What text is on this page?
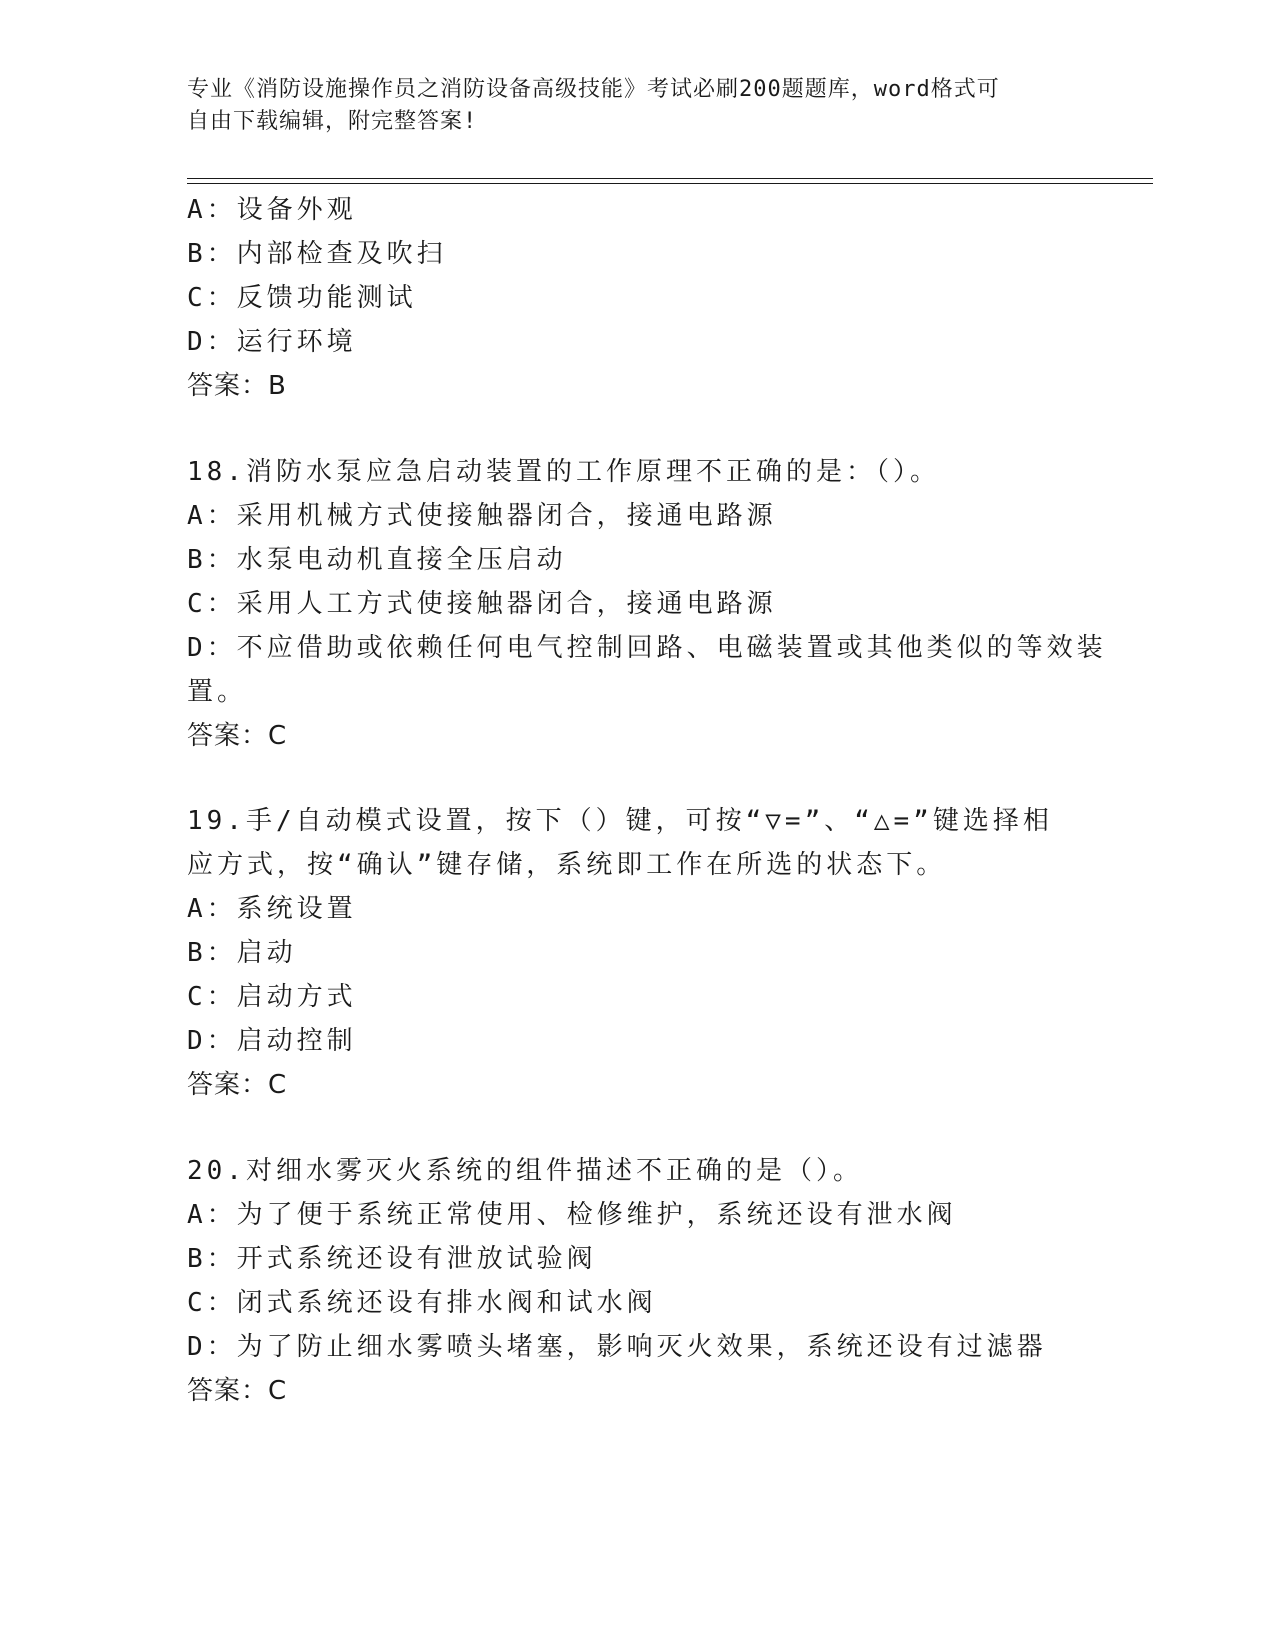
专业《消防设施操作员之消防设备高级技能》考试必刷200题题库，word格式可
自由下载编辑，附完整答案!
A：设备外观
B：内部检查及吹扫
C：反馈功能测试
D：运行环境
答案：B
18.消防水泵应急启动装置的工作原理不正确的是：（）。
A：采用机械方式使接触器闭合，接通电路源
B：水泵电动机直接全压启动
C：采用人工方式使接触器闭合，接通电路源
D：不应借助或依赖任何电气控制回路、电磁装置或其他类似的等效装
置。
答案：C
19.手/自动模式设置，按下（）键，可按“▽=”、“△=”键选择相
应方式，按“确认”键存储，系统即工作在所选的状态下。
A：系统设置
B：启动
C：启动方式
D：启动控制
答案：C
20.对细水雾灭火系统的组件描述不正确的是（）。
A：为了便于系统正常使用、检修维护，系统还设有泄水阀
B：开式系统还设有泄放试验阀
C：闭式系统还设有排水阀和试水阀
D：为了防止细水雾喷头堵塞，影响灭火效果，系统还设有过滤器
答案：C
